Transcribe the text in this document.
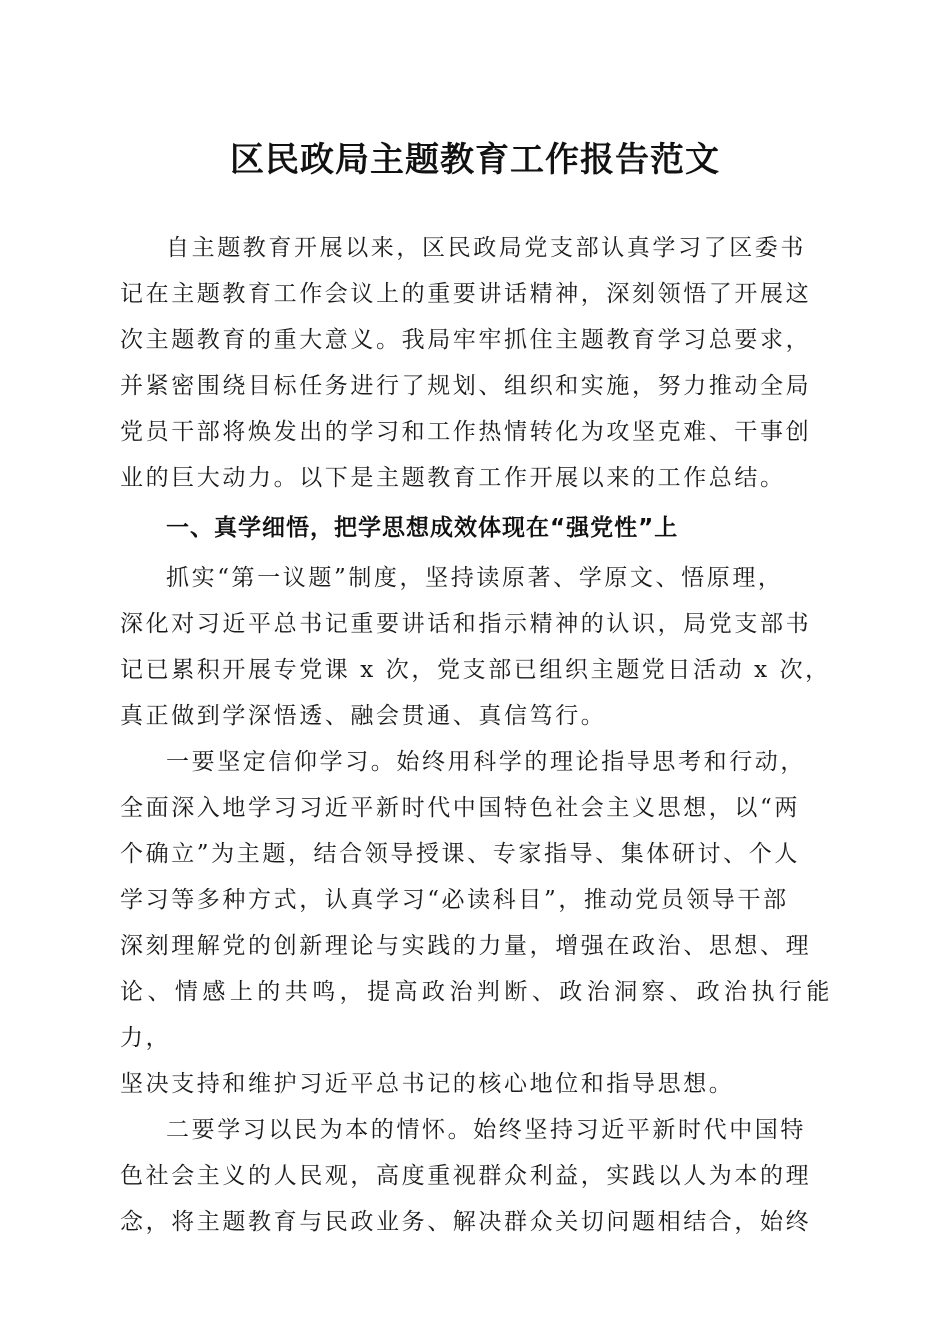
区民政局主题教育工作报告范文

自主题教育开展以来，区民政局党支部认真学习了区委书
记在主题教育工作会议上的重要讲话精神，深刻领悟了开展这
次主题教育的重大意义。我局牢牢抓住主题教育学习总要求，
并紧密围绕目标任务进行了规划、组织和实施，努力推动全局
党员干部将焕发出的学习和工作热情转化为攻坚克难、干事创
业的巨大动力。以下是主题教育工作开展以来的工作总结。

一、真学细悟，把学思想成效体现在“强党性”上

抓实“第一议题”制度，坚持读原著、学原文、悟原理，
深化对习近平总书记重要讲话和指示精神的认识，局党支部书
记已累积开展专党课 x 次，党支部已组织主题党日活动 x 次，
真正做到学深悟透、融会贯通、真信笃行。

一要坚定信仰学习。始终用科学的理论指导思考和行动，
全面深入地学习习近平新时代中国特色社会主义思想，以“两
个确立”为主题，结合领导授课、专家指导、集体研讨、个人
学习等多种方式，认真学习“必读科目”，推动党员领导干部
深刻理解党的创新理论与实践的力量，增强在政治、思想、理
论、情感上的共鸣，提高政治判断、政治洞察、政治执行能力，
坚决支持和维护习近平总书记的核心地位和指导思想。

二要学习以民为本的情怀。始终坚持习近平新时代中国特
色社会主义的人民观，高度重视群众利益，实践以人为本的理
念，将主题教育与民政业务、解决群众关切问题相结合，始终
